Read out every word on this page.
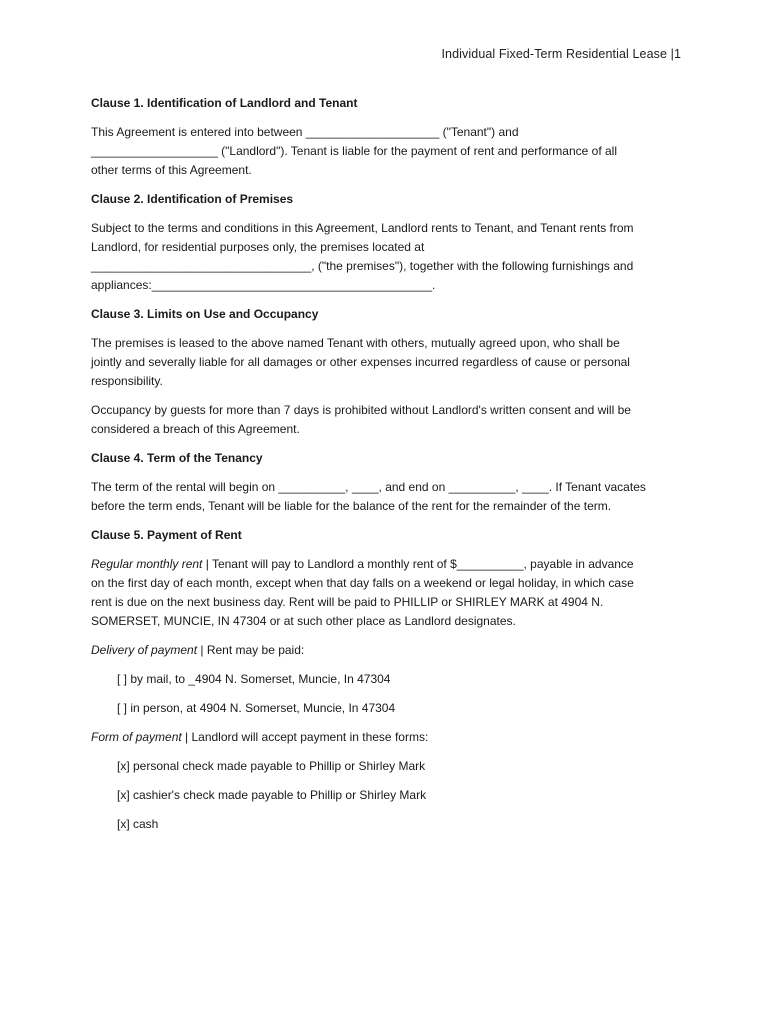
Individual Fixed-Term Residential Lease |1
Clause 1. Identification of Landlord and Tenant
This Agreement is entered into between ____________________ ("Tenant") and
___________________ ("Landlord"). Tenant is liable for the payment of rent and performance of all
other terms of this Agreement.
Clause 2. Identification of Premises
Subject to the terms and conditions in this Agreement, Landlord rents to Tenant, and Tenant rents from
Landlord, for residential purposes only, the premises located at
_________________________________, ("the premises"), together with the following furnishings and
appliances:__________________________________________.
Clause 3. Limits on Use and Occupancy
The premises is leased to the above named Tenant with others, mutually agreed upon, who shall be
jointly and severally liable for all damages or other expenses incurred regardless of cause or personal
responsibility.
Occupancy by guests for more than 7 days is prohibited without Landlord's written consent and will be
considered a breach of this Agreement.
Clause 4. Term of the Tenancy
The term of the rental will begin on __________, ____, and end on __________, ____. If Tenant vacates
before the term ends, Tenant will be liable for the balance of the rent for the remainder of the term.
Clause 5. Payment of Rent
Regular monthly rent | Tenant will pay to Landlord a monthly rent of $__________, payable in advance
on the first day of each month, except when that day falls on a weekend or legal holiday, in which case
rent is due on the next business day. Rent will be paid to PHILLIP or SHIRLEY MARK at 4904 N.
SOMERSET, MUNCIE, IN 47304 or at such other place as Landlord designates.
Delivery of payment | Rent may be paid:
[ ] by mail, to _4904 N. Somerset, Muncie, In 47304
[ ] in person, at 4904 N. Somerset, Muncie, In 47304
Form of payment | Landlord will accept payment in these forms:
[x] personal check made payable to Phillip or Shirley Mark
[x] cashier's check made payable to Phillip or Shirley Mark
[x] cash
